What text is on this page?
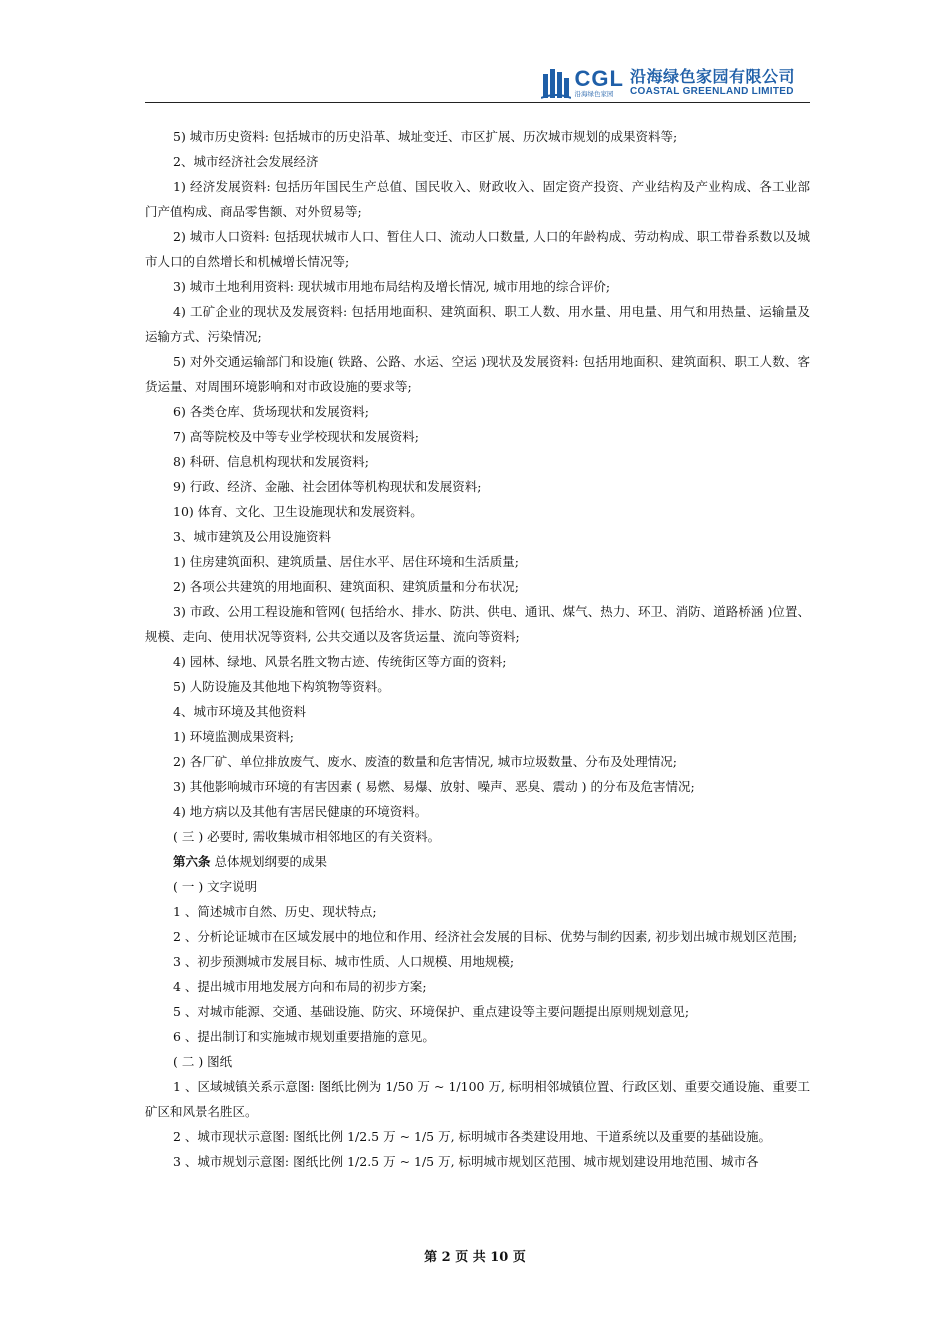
CGL
沿海绿色家园
沿海绿色家园有限公司
COASTAL GREENLAND LIMITED

5) 城市历史资料: 包括城市的历史沿革、城址变迁、市区扩展、历次城市规划的成果资料等;

2、城市经济社会发展经济

1) 经济发展资料: 包括历年国民生产总值、国民收入、财政收入、固定资产投资、产业结构及产业构成、各工业部门产值构成、商品零售额、对外贸易等;

2) 城市人口资料: 包括现状城市人口、暂住人口、流动人口数量, 人口的年龄构成、劳动构成、职工带眷系数以及城市人口的自然增长和机械增长情况等;

3) 城市土地利用资料: 现状城市用地布局结构及增长情况, 城市用地的综合评价;

4) 工矿企业的现状及发展资料: 包括用地面积、建筑面积、职工人数、用水量、用电量、用气和用热量、运输量及运输方式、污染情况;

5) 对外交通运输部门和设施( 铁路、公路、水运、空运 )现状及发展资料: 包括用地面积、建筑面积、职工人数、客货运量、对周围环境影响和对市政设施的要求等;

6) 各类仓库、货场现状和发展资料;

7) 高等院校及中等专业学校现状和发展资料;

8) 科研、信息机构现状和发展资料;

9) 行政、经济、金融、社会团体等机构现状和发展资料;

10) 体育、文化、卫生设施现状和发展资料。

3、城市建筑及公用设施资料

1) 住房建筑面积、建筑质量、居住水平、居住环境和生活质量;

2) 各项公共建筑的用地面积、建筑面积、建筑质量和分布状况;

3) 市政、公用工程设施和管网( 包括给水、排水、防洪、供电、通讯、煤气、热力、环卫、消防、道路桥涵 )位置、规模、走向、使用状况等资料, 公共交通以及客货运量、流向等资料;

4) 园林、绿地、风景名胜文物古迹、传统街区等方面的资料;

5) 人防设施及其他地下构筑物等资料。

4、城市环境及其他资料

1) 环境监测成果资料;

2) 各厂矿、单位排放废气、废水、废渣的数量和危害情况, 城市垃圾数量、分布及处理情况;

3) 其他影响城市环境的有害因素 ( 易燃、易爆、放射、噪声、恶臭、震动 ) 的分布及危害情况;

4) 地方病以及其他有害居民健康的环境资料。

( 三 ) 必要时, 需收集城市相邻地区的有关资料。

第六条 总体规划纲要的成果

( 一 ) 文字说明

1 、简述城市自然、历史、现状特点;

2 、分析论证城市在区域发展中的地位和作用、经济社会发展的目标、优势与制约因素, 初步划出城市规划区范围;

3 、初步预测城市发展目标、城市性质、人口规模、用地规模;

4 、提出城市用地发展方向和布局的初步方案;

5 、对城市能源、交通、基础设施、防灾、环境保护、重点建设等主要问题提出原则规划意见;

6 、提出制订和实施城市规划重要措施的意见。

( 二 ) 图纸

1 、区域城镇关系示意图: 图纸比例为 1/50 万 ~ 1/100 万, 标明相邻城镇位置、行政区划、重要交通设施、重要工矿区和风景名胜区。

2 、城市现状示意图: 图纸比例 1/2.5 万 ~ 1/5 万, 标明城市各类建设用地、干道系统以及重要的基础设施。

3 、城市规划示意图: 图纸比例 1/2.5 万 ~ 1/5 万, 标明城市规划区范围、城市规划建设用地范围、城市各

第 2 页 共 10 页
